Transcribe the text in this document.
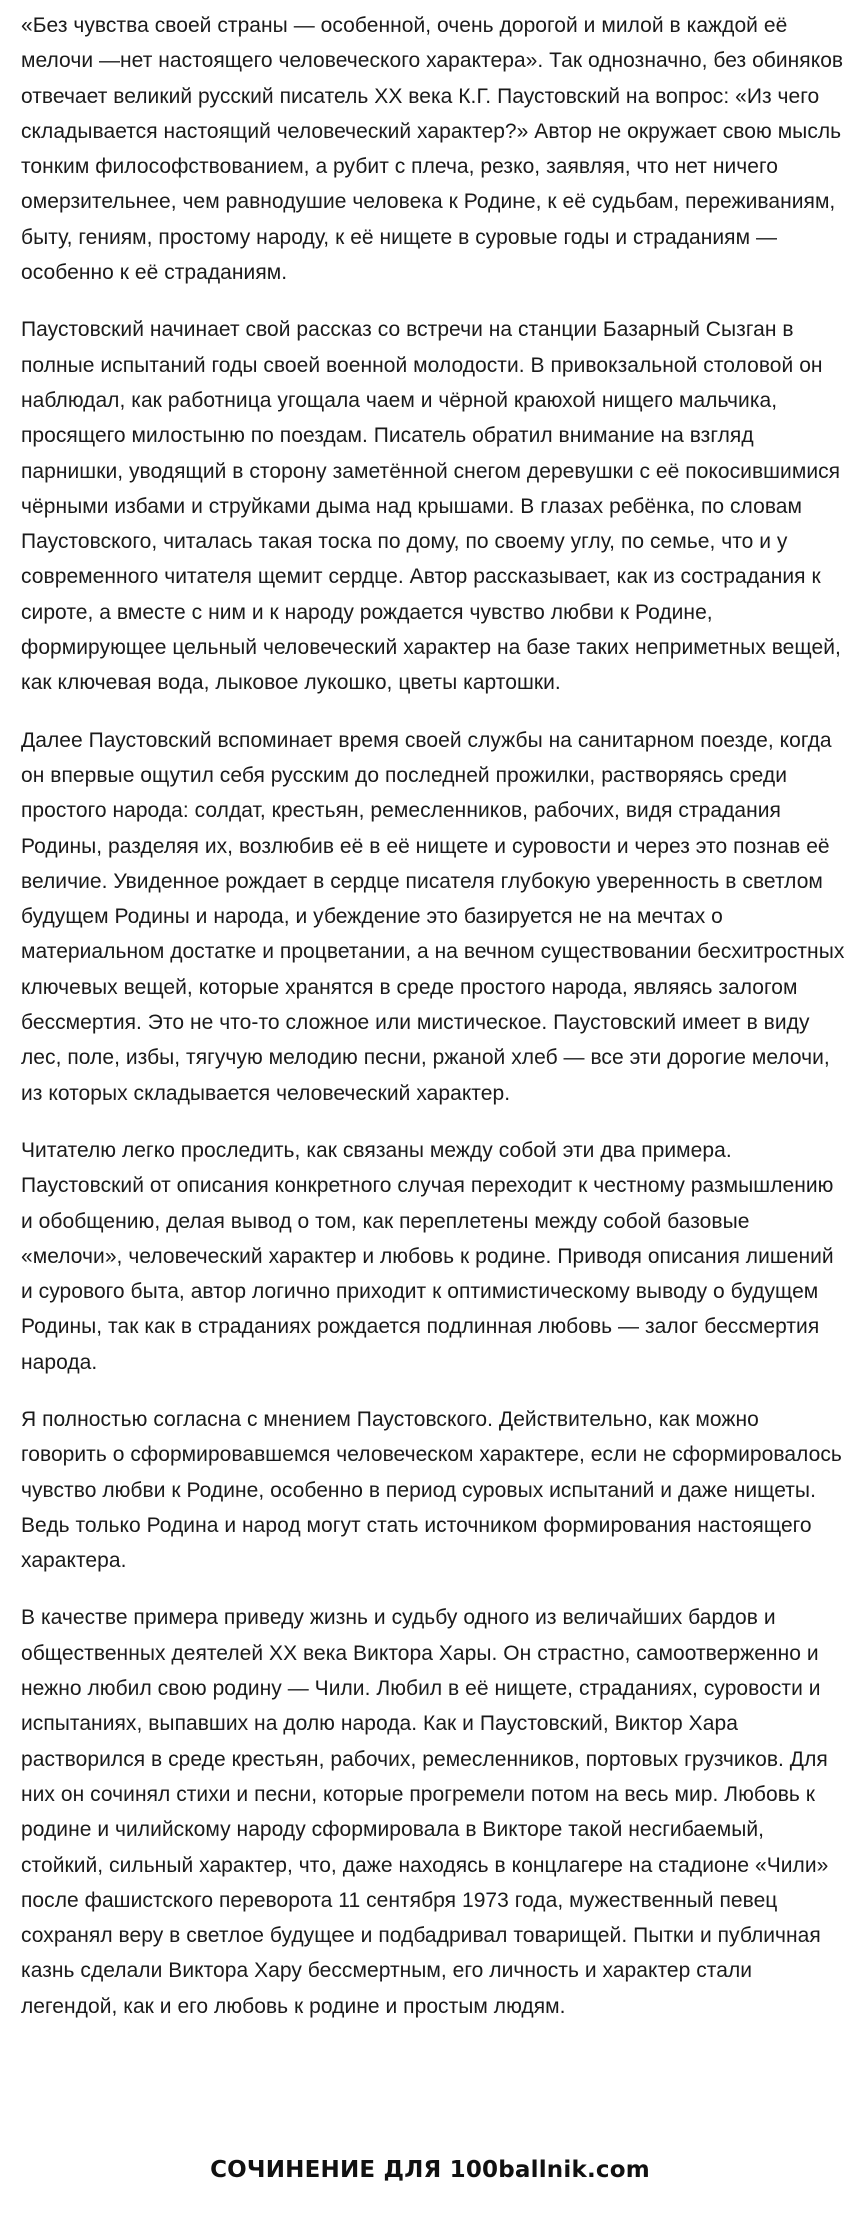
«Без чувства своей страны — особенной, очень дорогой и милой в каждой её мелочи —нет настоящего человеческого характера». Так однозначно, без обиняков отвечает великий русский писатель XX века К.Г. Паустовский на вопрос: «Из чего складывается настоящий человеческий характер?» Автор не окружает свою мысль тонким философствованием, а рубит с плеча, резко, заявляя, что нет ничего омерзительнее, чем равнодушие человека к Родине, к её судьбам, переживаниям, быту, гениям, простому народу, к её нищете в суровые годы и страданиям — особенно к её страданиям.

Паустовский начинает свой рассказ со встречи на станции Базарный Сызган в полные испытаний годы своей военной молодости. В привокзальной столовой он наблюдал, как работница угощала чаем и чёрной краюхой нищего мальчика, просящего милостыню по поездам. Писатель обратил внимание на взгляд парнишки, уводящий в сторону заметённой снегом деревушки с её покосившимися чёрными избами и струйками дыма над крышами. В глазах ребёнка, по словам Паустовского, читалась такая тоска по дому, по своему углу, по семье, что и у современного читателя щемит сердце. Автор рассказывает, как из сострадания к сироте, а вместе с ним и к народу рождается чувство любви к Родине, формирующее цельный человеческий характер на базе таких неприметных вещей, как ключевая вода, лыковое лукошко, цветы картошки.

Далее Паустовский вспоминает время своей службы на санитарном поезде, когда он впервые ощутил себя русским до последней прожилки, растворяясь среди простого народа: солдат, крестьян, ремесленников, рабочих, видя страдания Родины, разделяя их, возлюбив её в её нищете и суровости и через это познав её величие. Увиденное рождает в сердце писателя глубокую уверенность в светлом будущем Родины и народа, и убеждение это базируется не на мечтах о материальном достатке и процветании, а на вечном существовании бесхитростных ключевых вещей, которые хранятся в среде простого народа, являясь залогом бессмертия. Это не что-то сложное или мистическое. Паустовский имеет в виду лес, поле, избы, тягучую мелодию песни, ржаной хлеб — все эти дорогие мелочи, из которых складывается человеческий характер.

Читателю легко проследить, как связаны между собой эти два примера. Паустовский от описания конкретного случая переходит к честному размышлению и обобщению, делая вывод о том, как переплетены между собой базовые «мелочи», человеческий характер и любовь к родине. Приводя описания лишений и сурового быта, автор логично приходит к оптимистическому выводу о будущем Родины, так как в страданиях рождается подлинная любовь — залог бессмертия народа.

Я полностью согласна с мнением Паустовского. Действительно, как можно говорить о сформировавшемся человеческом характере, если не сформировалось чувство любви к Родине, особенно в период суровых испытаний и даже нищеты. Ведь только Родина и народ могут стать источником формирования настоящего характера.

В качестве примера приведу жизнь и судьбу одного из величайших бардов и общественных деятелей XX века Виктора Хары. Он страстно, самоотверженно и нежно любил свою родину — Чили. Любил в её нищете, страданиях, суровости и испытаниях, выпавших на долю народа. Как и Паустовский, Виктор Хара растворился в среде крестьян, рабочих, ремесленников, портовых грузчиков. Для них он сочинял стихи и песни, которые прогремели потом на весь мир. Любовь к родине и чилийскому народу сформировала в Викторе такой несгибаемый, стойкий, сильный характер, что, даже находясь в концлагере на стадионе «Чили» после фашистского переворота 11 сентября 1973 года, мужественный певец сохранял веру в светлое будущее и подбадривал товарищей. Пытки и публичная казнь сделали Виктора Хару бессмертным, его личность и характер стали легендой, как и его любовь к родине и простым людям.

СОЧИНЕНИЕ ДЛЯ 100ballnik.com
